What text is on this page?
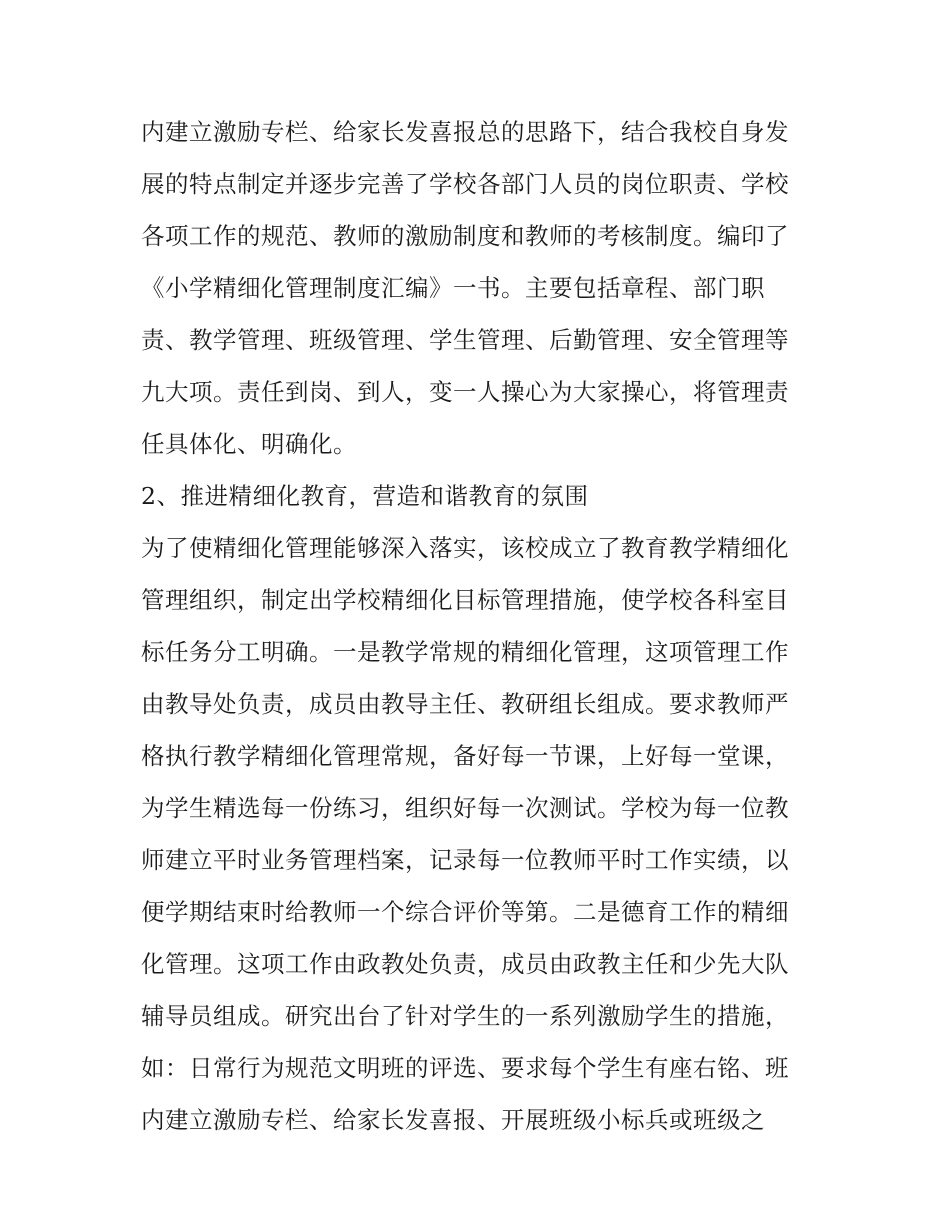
内建立激励专栏、给家长发喜报总的思路下，结合我校自身发
展的特点制定并逐步完善了学校各部门人员的岗位职责、学校
各项工作的规范、教师的激励制度和教师的考核制度。编印了
《小学精细化管理制度汇编》一书。主要包括章程、部门职
责、教学管理、班级管理、学生管理、后勤管理、安全管理等
九大项。责任到岗、到人，变一人操心为大家操心，将管理责
任具体化、明确化。
2、推进精细化教育，营造和谐教育的氛围
为了使精细化管理能够深入落实，该校成立了教育教学精细化
管理组织，制定出学校精细化目标管理措施，使学校各科室目
标任务分工明确。一是教学常规的精细化管理，这项管理工作
由教导处负责，成员由教导主任、教研组长组成。要求教师严
格执行教学精细化管理常规，备好每一节课，上好每一堂课，
为学生精选每一份练习，组织好每一次测试。学校为每一位教
师建立平时业务管理档案，记录每一位教师平时工作实绩，以
便学期结束时给教师一个综合评价等第。二是德育工作的精细
化管理。这项工作由政教处负责，成员由政教主任和少先大队
辅导员组成。研究出台了针对学生的一系列激励学生的措施，
如：日常行为规范文明班的评选、要求每个学生有座右铭、班
内建立激励专栏、给家长发喜报、开展班级小标兵或班级之
